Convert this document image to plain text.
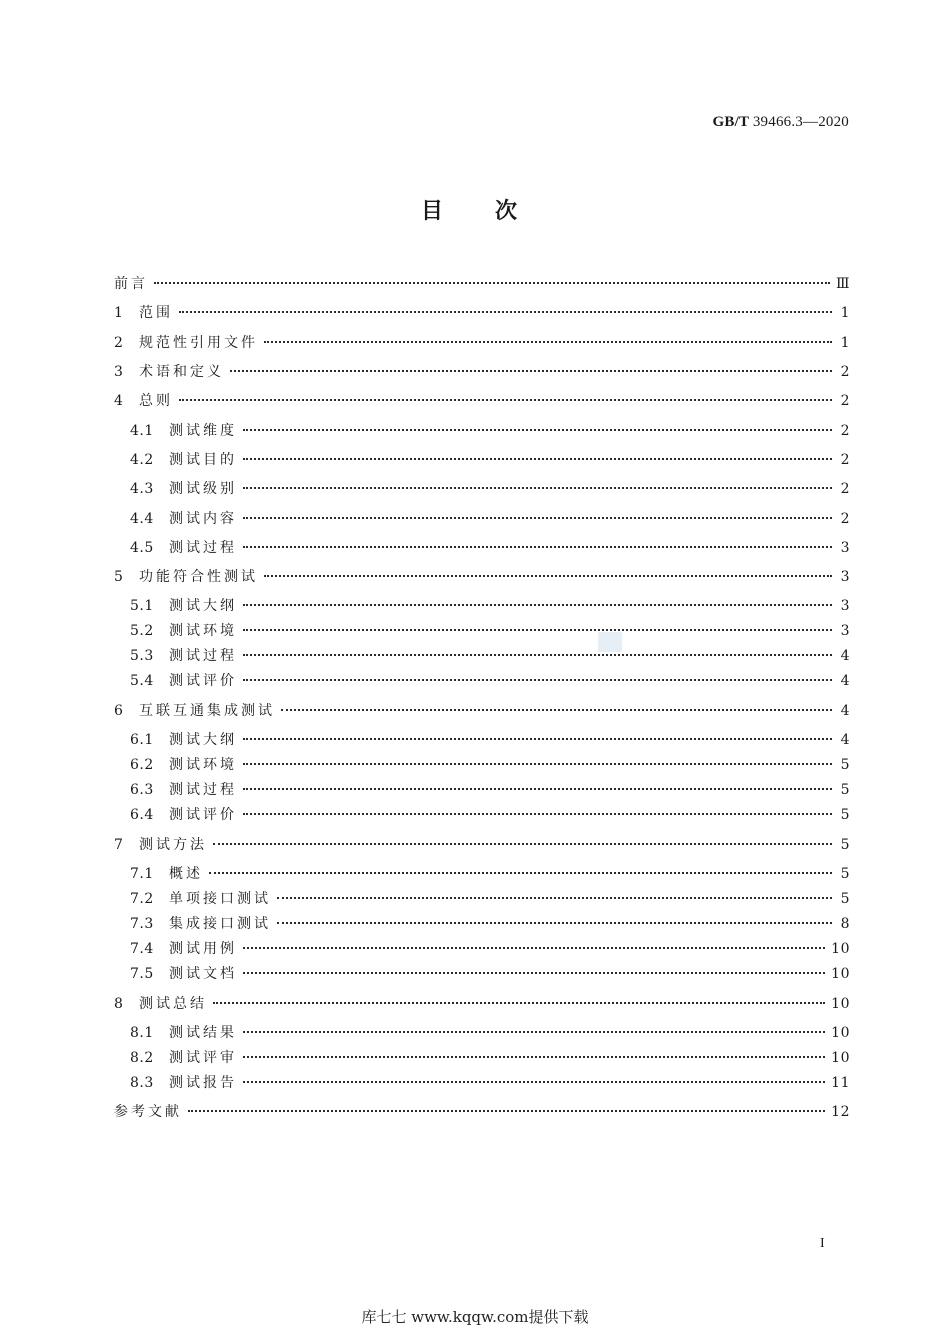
GB/T 39466.3—2020
目次
前言	Ⅲ
1	范围	1
2	规范性引用文件	1
3	术语和定义	2
4	总则	2
4.1	测试维度	2
4.2	测试目的	2
4.3	测试级别	2
4.4	测试内容	2
4.5	测试过程	3
5	功能符合性测试	3
5.1	测试大纲	3
5.2	测试环境	3
5.3	测试过程	4
5.4	测试评价	4
6	互联互通集成测试	4
6.1	测试大纲	4
6.2	测试环境	5
6.3	测试过程	5
6.4	测试评价	5
7	测试方法	5
7.1	概述	5
7.2	单项接口测试	5
7.3	集成接口测试	8
7.4	测试用例	10
7.5	测试文档	10
8	测试总结	10
8.1	测试结果	10
8.2	测试评审	10
8.3	测试报告	11
参考文献	12
I
库七七 www.kqqw.com提供下载
